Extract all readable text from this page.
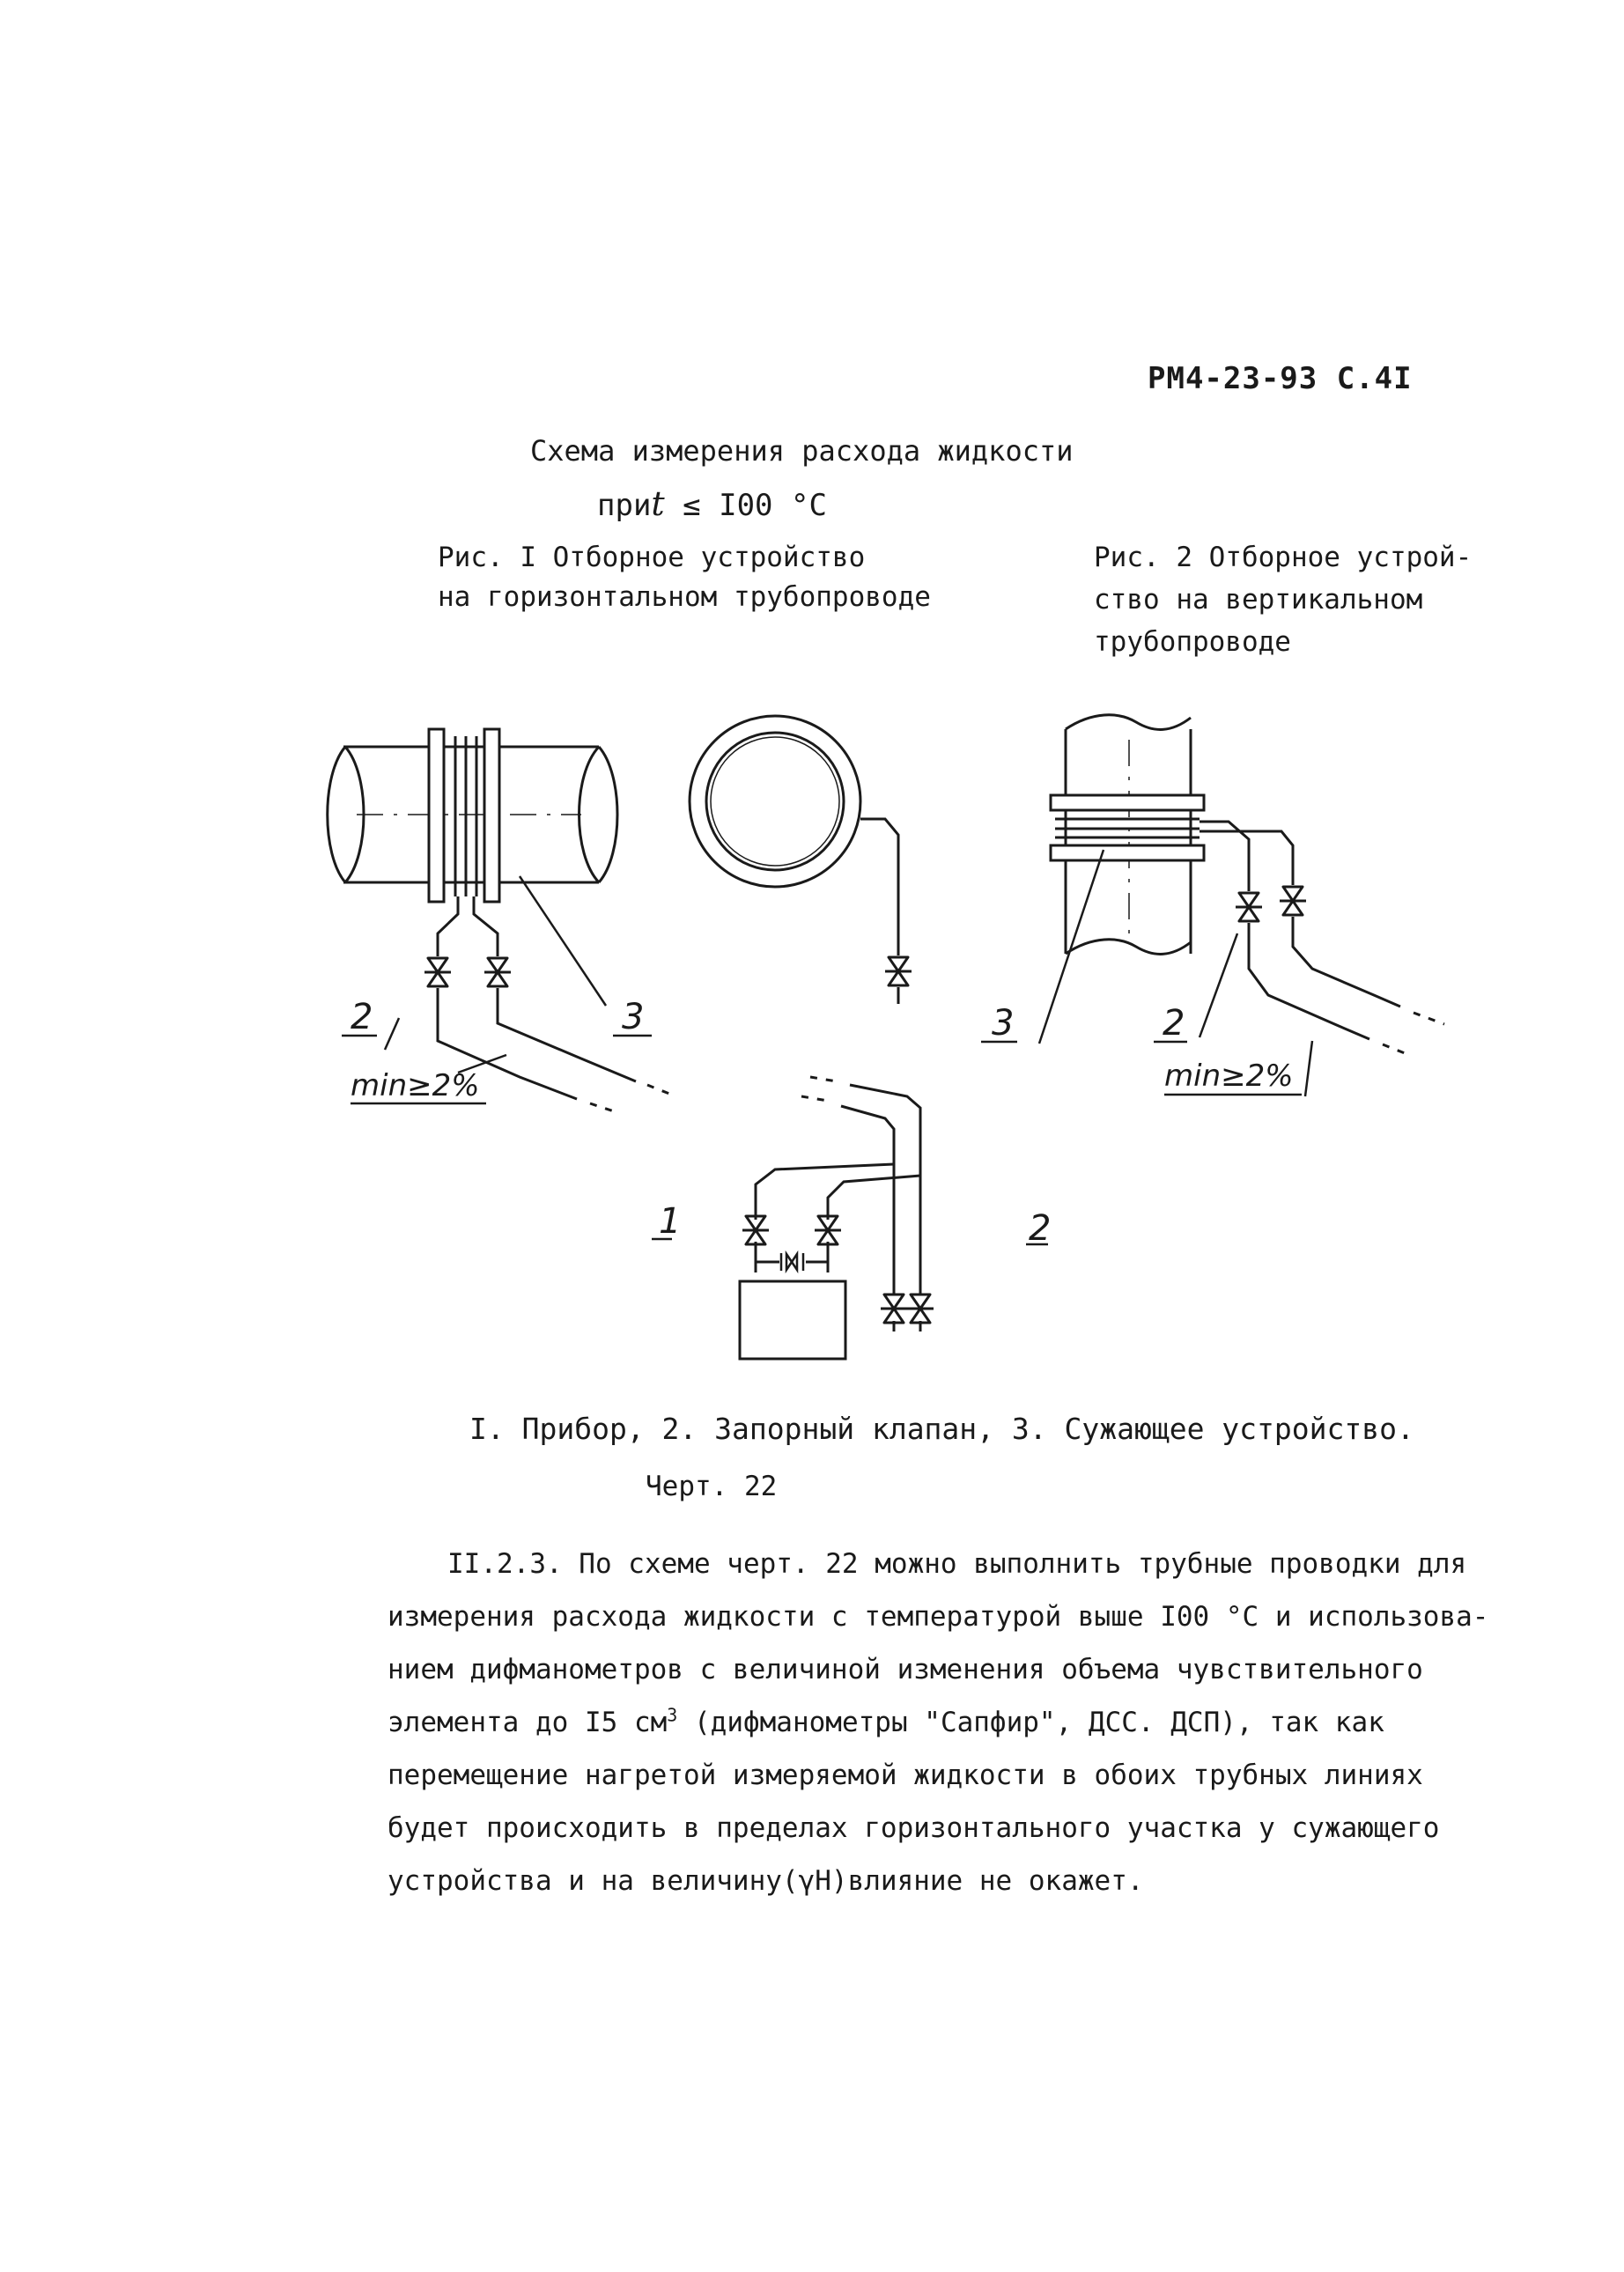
РМ4-23-93 С.4I
Схема измерения расхода жидкости
приt ≤ I00 °С
Рис. I Отборное устройство
на горизонтальном трубопроводе
Рис. 2 Отборное устрой-
ство на вертикальном
трубопроводе
2	3
min≥2%
3	2
min≥2%
1	2
I. Прибор, 2. Запорный клапан, 3. Сужающее устройство.
Черт. 22
II.2.3. По схеме черт. 22 можно выполнить трубные проводки для
измерения расхода жидкости с температурой выше I00 °С и использова-
нием дифманометров с величиной изменения объема чувствительного
элемента до I5 $см^3$ (дифманометры "Сапфир", ДСС. ДСП), так как
перемещение нагретой измеряемой жидкости в обоих трубных линиях
будет происходить в пределах горизонтального участка у сужающего
устройства и на величину(γH)влияние не окажет.
